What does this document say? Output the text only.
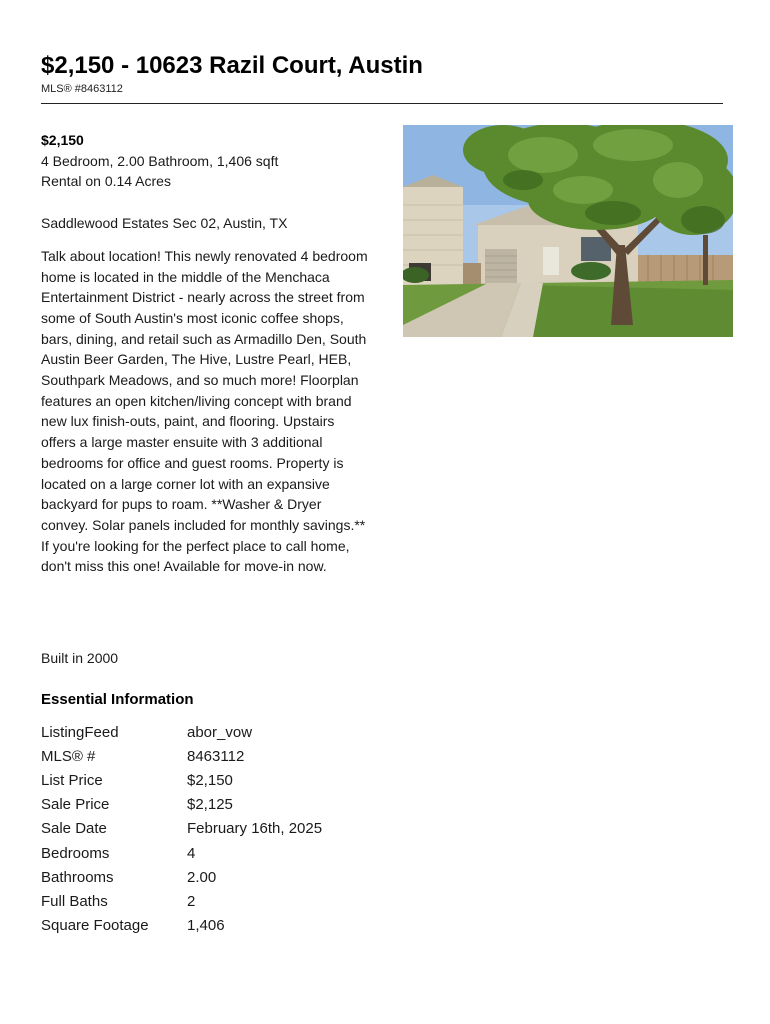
$2,150 - 10623 Razil Court, Austin
MLS® #8463112
$2,150

4 Bedroom, 2.00 Bathroom, 1,406 sqft

Rental on 0.14 Acres

Saddlewood Estates Sec 02, Austin, TX

Talk about location! This newly renovated 4 bedroom home is located in the middle of the Menchaca Entertainment District - nearly across the street from some of South Austin's most iconic coffee shops, bars, dining, and retail such as Armadillo Den, South Austin Beer Garden, The Hive, Lustre Pearl, HEB, Southpark Meadows, and so much more! Floorplan features an open kitchen/living concept with brand new lux finish-outs, paint, and flooring. Upstairs offers a large master ensuite with 3 additional bedrooms for office and guest rooms. Property is located on a large corner lot with an expansive backyard for pups to roam. **Washer & Dryer convey. Solar panels included for monthly savings.** If you're looking for the perfect place to call home, don't miss this one! Available for move-in now.

Built in 2000
Essential Information
ListingFeed	abor_vow
MLS® #	8463112
List Price	$2,150
Sale Price	$2,125
Sale Date	February 16th, 2025
Bedrooms	4
Bathrooms	2.00
Full Baths	2
Square Footage	1,406
